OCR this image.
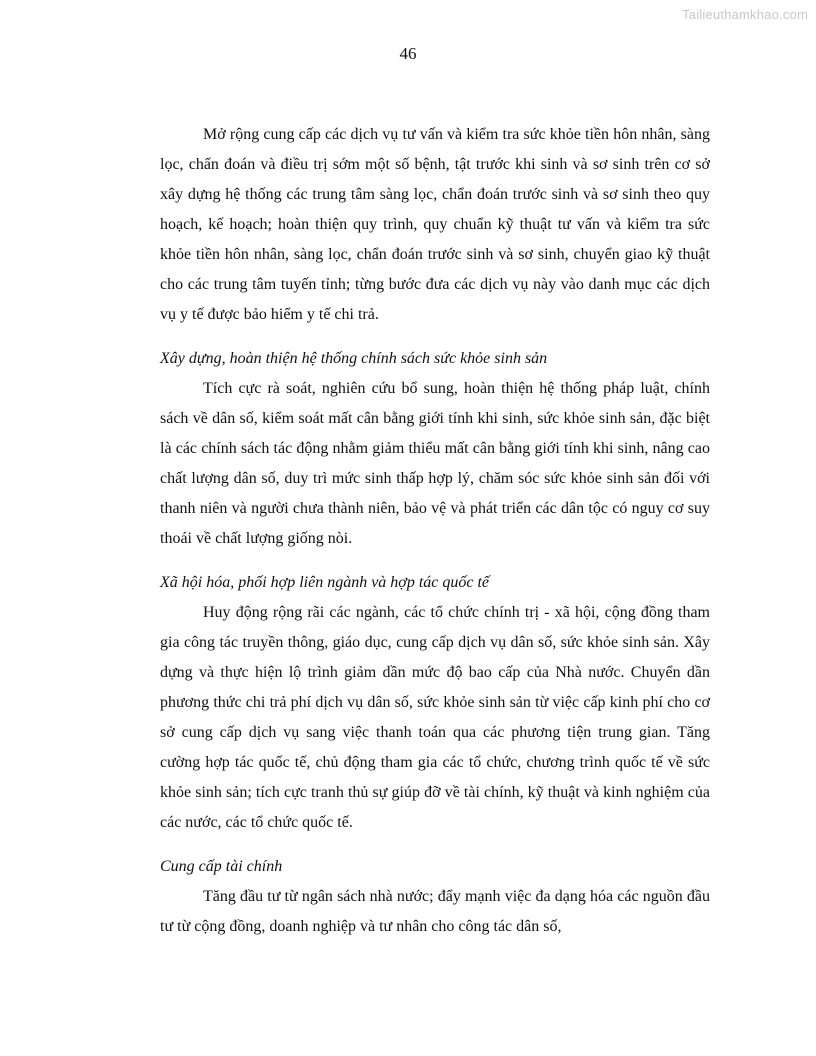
Tailieuthamkhao.com
46

Mở rộng cung cấp các dịch vụ tư vấn và kiểm tra sức khỏe tiền hôn nhân, sàng lọc, chẩn đoán và điều trị sớm một số bệnh, tật trước khi sinh và sơ sinh trên cơ sở xây dựng hệ thống các trung tâm sàng lọc, chẩn đoán trước sinh và sơ sinh theo quy hoạch, kế hoạch; hoàn thiện quy trình, quy chuẩn kỹ thuật tư vấn và kiểm tra sức khỏe tiền hôn nhân, sàng lọc, chẩn đoán trước sinh và sơ sinh, chuyển giao kỹ thuật cho các trung tâm tuyến tỉnh; từng bước đưa các dịch vụ này vào danh mục các dịch vụ y tế được bảo hiểm y tế chi trả.

Xây dựng, hoàn thiện hệ thống chính sách sức khỏe sinh sản

Tích cực rà soát, nghiên cứu bổ sung, hoàn thiện hệ thống pháp luật, chính sách về dân số, kiểm soát mất cân bằng giới tính khi sinh, sức khỏe sinh sản, đặc biệt là các chính sách tác động nhằm giảm thiểu mất cân bằng giới tính khi sinh, nâng cao chất lượng dân số, duy trì mức sinh thấp hợp lý, chăm sóc sức khỏe sinh sản đối với thanh niên và người chưa thành niên, bảo vệ và phát triển các dân tộc có nguy cơ suy thoái về chất lượng giống nòi.

Xã hội hóa, phối hợp liên ngành và hợp tác quốc tế

Huy động rộng rãi các ngành, các tổ chức chính trị - xã hội, cộng đồng tham gia công tác truyền thông, giáo dục, cung cấp dịch vụ dân số, sức khỏe sinh sản. Xây dựng và thực hiện lộ trình giảm dần mức độ bao cấp của Nhà nước. Chuyển dần phương thức chi trả phí dịch vụ dân số, sức khỏe sinh sản từ việc cấp kinh phí cho cơ sở cung cấp dịch vụ sang việc thanh toán qua các phương tiện trung gian. Tăng cường hợp tác quốc tế, chủ động tham gia các tổ chức, chương trình quốc tế về sức khỏe sinh sản; tích cực tranh thủ sự giúp đỡ về tài chính, kỹ thuật và kinh nghiệm của các nước, các tổ chức quốc tế.

Cung cấp tài chính

Tăng đầu tư từ ngân sách nhà nước; đẩy mạnh việc đa dạng hóa các nguồn đầu tư từ cộng đồng, doanh nghiệp và tư nhân cho công tác dân số,
